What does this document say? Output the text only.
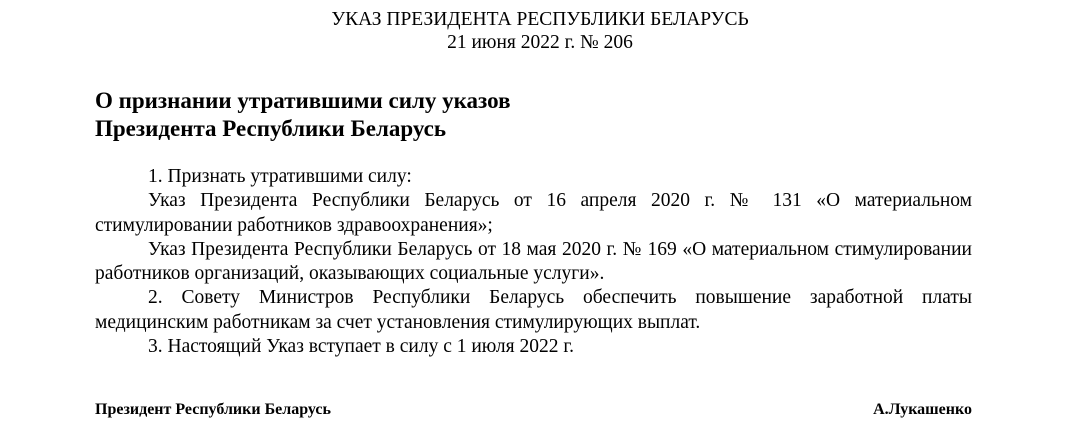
УКАЗ ПРЕЗИДЕНТА РЕСПУБЛИКИ БЕЛАРУСЬ
21 июня 2022 г. № 206
О признании утратившими силу указов
Президента Республики Беларусь

1. Признать утратившими силу:

Указ Президента Республики Беларусь от 16 апреля 2020 г. № 131 «О материальном стимулировании работников здравоохранения»;

Указ Президента Республики Беларусь от 18 мая 2020 г. № 169 «О материальном стимулировании работников организаций, оказывающих социальные услуги».

2. Совету Министров Республики Беларусь обеспечить повышение заработной платы медицинским работникам за счет установления стимулирующих выплат.

3. Настоящий Указ вступает в силу с 1 июля 2022 г.

Президент Республики Беларусь	А.Лукашенко
